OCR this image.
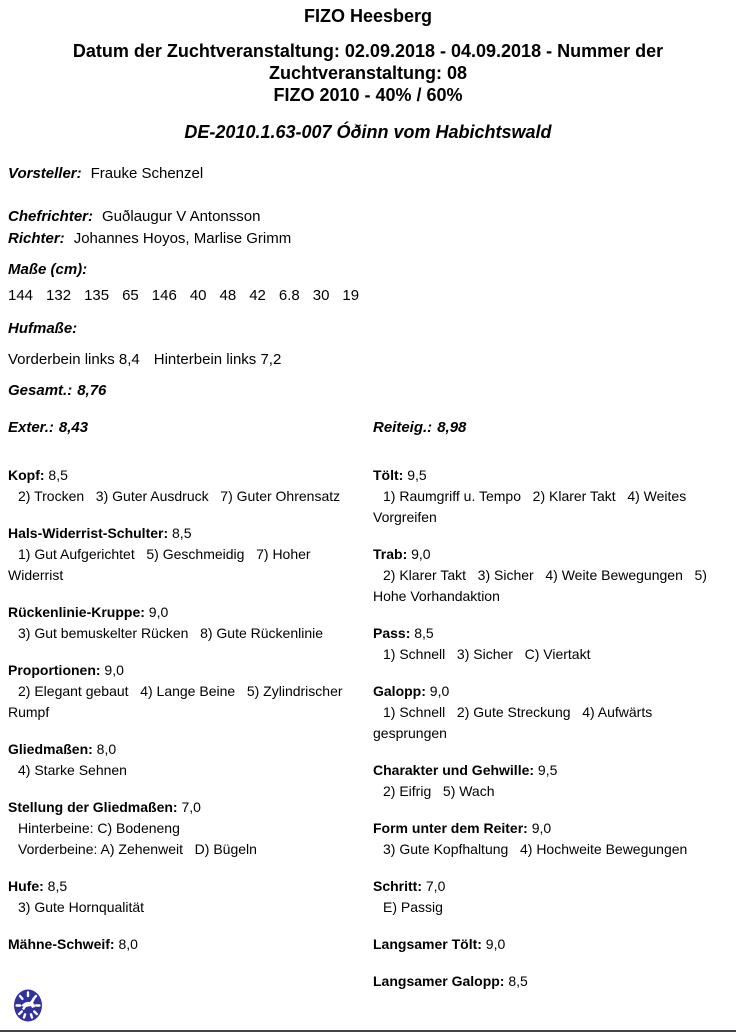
FIZO Heesberg
Datum der Zuchtveranstaltung: 02.09.2018 - 04.09.2018 - Nummer der
Zuchtveranstaltung: 08
FIZO 2010 - 40% / 60%
DE-2010.1.63-007 Óðinn vom Habichtswald
Vorsteller: Frauke Schenzel
Chefrichter: Guðlaugur V Antonsson
Richter: Johannes Hoyos, Marlise Grimm
Maße (cm):
144 132 135 65 146 40 48 42 6.8 30 19
Hufmaße:
Vorderbein links 8,4 Hinterbein links 7,2
Gesamt.: 8,76
Exter.: 8,43

Kopf: 8,5

2) Trocken   3) Guter Ausdruck   7) Guter Ohrensatz

Hals-Widerrist-Schulter: 8,5

1) Gut Aufgerichtet   5) Geschmeidig   7) Hoher Widerrist

Rückenlinie-Kruppe: 9,0

3) Gut bemuskelter Rücken   8) Gute Rückenlinie

Proportionen: 9,0

2) Elegant gebaut   4) Lange Beine   5) Zylindrischer Rumpf

Gliedmaßen: 8,0

4) Starke Sehnen

Stellung der Gliedmaßen: 7,0

Hinterbeine: C) Bodeneng

Vorderbeine: A) Zehenweit   D) Bügeln

Hufe: 8,5

3) Gute Hornqualität

Mähne-Schweif: 8,0

Reiteig.: 8,98

Tölt: 9,5

1) Raumgriff u. Tempo   2) Klarer Takt   4) Weites Vorgreifen

Trab: 9,0

2) Klarer Takt   3) Sicher   4) Weite Bewegungen   5) Hohe Vorhandaktion

Pass: 8,5

1) Schnell   3) Sicher   C) Viertakt

Galopp: 9,0

1) Schnell   2) Gute Streckung   4) Aufwärts gesprungen

Charakter und Gehwille: 9,5

2) Eifrig   5) Wach

Form unter dem Reiter: 9,0

3) Gute Kopfhaltung   4) Hochweite Bewegungen

Schritt: 7,0

E) Passig

Langsamer Tölt: 9,0

Langsamer Galopp: 8,5
